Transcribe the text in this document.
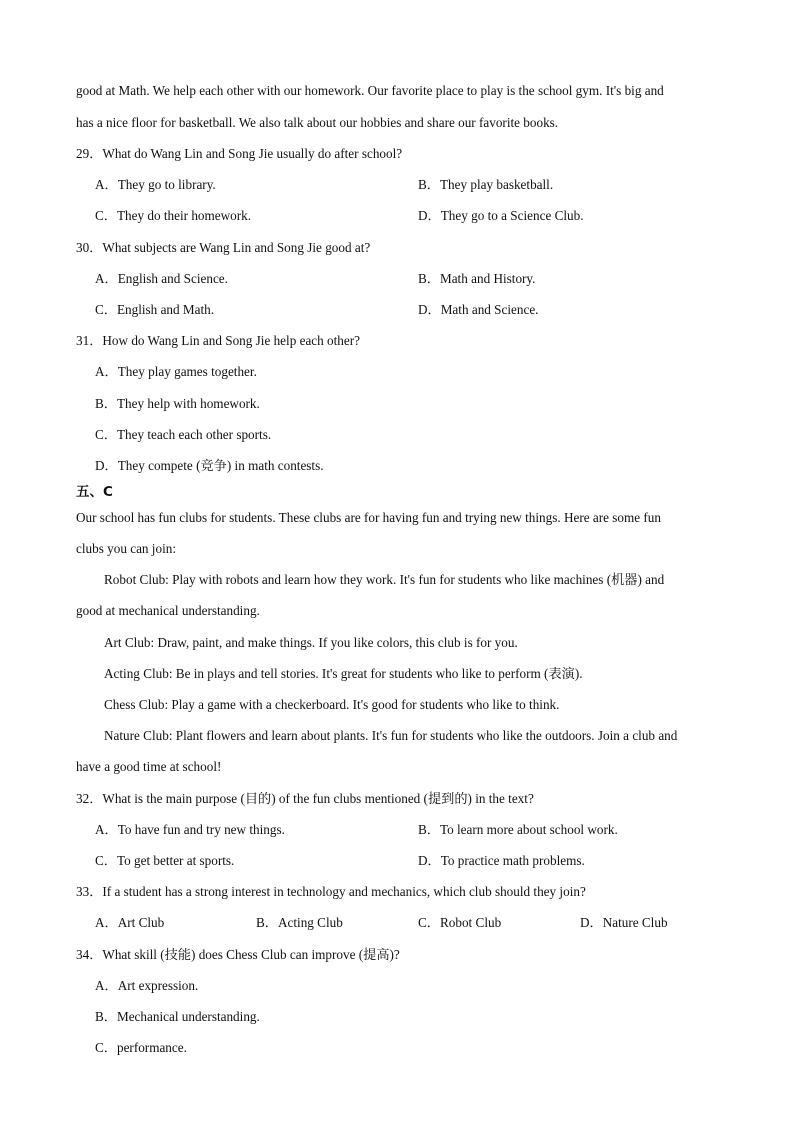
good at Math. We help each other with our homework. Our favorite place to play is the school gym. It's big and
has a nice floor for basketball. We also talk about our hobbies and share our favorite books.
29．What do Wang Lin and Song Jie usually do after school?
A．They go to library.	B．They play basketball.
C．They do their homework.	D．They go to a Science Club.
30．What subjects are Wang Lin and Song Jie good at?
A．English and Science.	B．Math and History.
C．English and Math.	D．Math and Science.
31．How do Wang Lin and Song Jie help each other?
A．They play games together.
B．They help with homework.
C．They teach each other sports.
D．They compete (竞争) in math contests.
五、C
Our school has fun clubs for students. These clubs are for having fun and trying new things. Here are some fun
clubs you can join:
Robot Club: Play with robots and learn how they work. It's fun for students who like machines (机器) and
good at mechanical understanding.
Art Club: Draw, paint, and make things. If you like colors, this club is for you.
Acting Club: Be in plays and tell stories. It's great for students who like to perform (表演).
Chess Club: Play a game with a checkerboard. It's good for students who like to think.
Nature Club: Plant flowers and learn about plants. It's fun for students who like the outdoors. Join a club and
have a good time at school!
32．What is the main purpose (目的) of the fun clubs mentioned (提到的) in the text?
A．To have fun and try new things.	B．To learn more about school work.
C．To get better at sports.	D．To practice math problems.
33．If a student has a strong interest in technology and mechanics, which club should they join?
A．Art Club	B．Acting Club	C．Robot Club	D．Nature Club
34．What skill (技能) does Chess Club can improve (提高)?
A．Art expression.
B．Mechanical understanding.
C．performance.
